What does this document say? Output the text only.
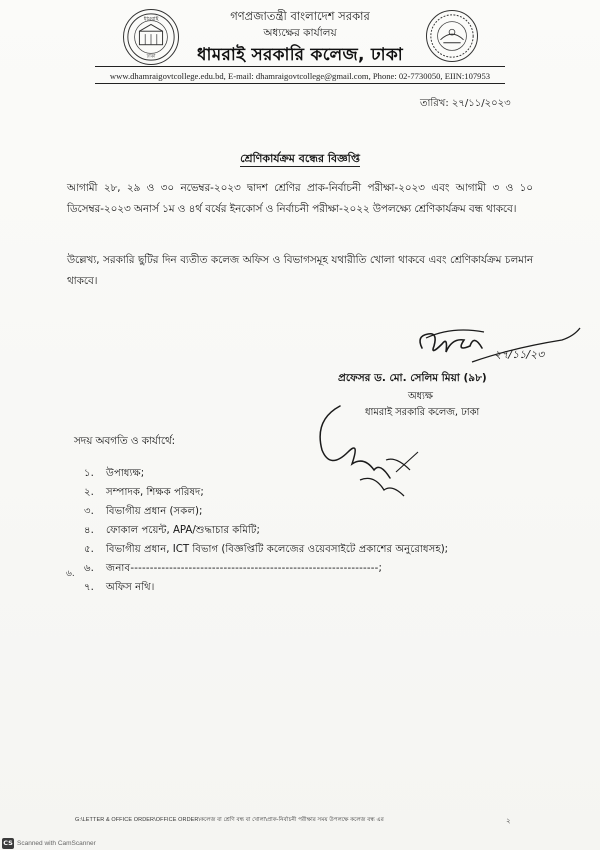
ধামরাই
ঢাকা
গণপ্রজাতন্ত্রী বাংলাদেশ সরকার
অধ্যক্ষের কার্যালয়
ধামরাই সরকারি কলেজ, ঢাকা
www.dhamraigovtcollege.edu.bd, E-mail: dhamraigovtcollege@gmail.com, Phone: 02-7730050, EIIN:107953
তারিখ: ২৭/১১/২০২৩
শ্রেণিকার্যক্রম বন্ধের বিজ্ঞপ্তি

আগামী ২৮, ২৯ ও ৩০ নভেম্বর-২০২৩ দ্বাদশ শ্রেণির প্রাক-নির্বাচনী পরীক্ষা-২০২৩ এবং আগামী ৩ ও ১০ ডিসেম্বর-২০২৩ অনার্স ১ম ও ৪র্থ বর্ষের ইনকোর্স ও নির্বাচনী পরীক্ষা-২০২২ উপলক্ষ্যে শ্রেণিকার্যক্রম বন্ধ থাকবে।

উল্লেখ্য, সরকারি ছুটির দিন ব্যতীত কলেজ অফিস ও বিভাগসমূহ যথারীতি খোলা থাকবে এবং শ্রেণিকার্যক্রম চলমান থাকবে।

২৭/১১/২৩
প্রফেসর ড. মো. সেলিম মিয়া (৯৮)
অধ্যক্ষ
ধামরাই সরকারি কলেজ, ঢাকা
সদয় অবগতি ও কার্যার্থে:
৬.
১. উপাধ্যক্ষ;
২. সম্পাদক, শিক্ষক পরিষদ;
৩. বিভাগীয় প্রধান (সকল);
৪. ফোকাল পয়েন্ট, APA/শুদ্ধাচার কমিটি;
৫. বিভাগীয় প্রধান, ICT বিভাগ (বিজ্ঞপ্তিটি কলেজের ওয়েবসাইটে প্রকাশের অনুরোধসহ);
৬. জনাব----------------------------------------------------------------;
৭. অফিস নথি।
G:\LETTER & OFFICE ORDER\OFFICE ORDER\কলেজ বা শ্রেণি বন্ধ বা খোলা\প্রাক-নির্বাচনী পরীক্ষার সময় উপলক্ষে কলেজ বন্ধ এর	২
CS Scanned with CamScanner
